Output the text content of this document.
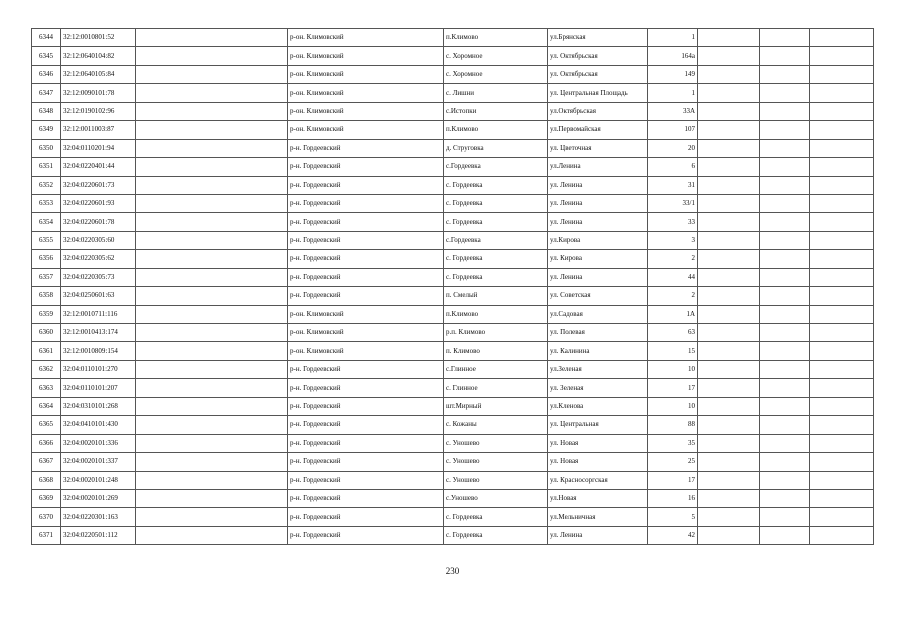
6344	32:12:0010801:52		р-он. Климовский	п.Климово	ул.Брянская	1			
6345	32:12:0640104:82		р-он. Климовский	с. Хоромное	ул. Октябрьская	164а			
6346	32:12:0640105:84		р-он. Климовский	с. Хоромное	ул. Октябрьская	149			
6347	32:12:0090101:78		р-он. Климовский	с. Лишни	ул. Центральная Площадь	1			
6348	32:12:0190102:96		р-он. Климовский	с.Истопки	ул.Октябрьская	33А			
6349	32:12:0011003:87		р-он. Климовский	п.Климово	ул.Первомайская	107			
6350	32:04:0110201:94		р-н. Гордеевский	д. Струговка	ул. Цветочная	20			
6351	32:04:0220401:44		р-н. Гордеевский	с.Гордеевка	ул.Ленина	6			
6352	32:04:0220601:73		р-н. Гордеевский	с. Гордеевка	ул. Ленина	31			
6353	32:04:0220601:93		р-н. Гордеевский	с. Гордеевка	ул. Ленина	33/1			
6354	32:04:0220601:78		р-н. Гордеевский	с. Гордеевка	ул. Ленина	33			
6355	32:04:0220305:60		р-н. Гордеевский	с.Гордеевка	ул.Кирова	3			
6356	32:04:0220305:62		р-н. Гордеевский	с. Гордеевка	ул. Кирова	2			
6357	32:04:0220305:73		р-н. Гордеевский	с. Гордеевка	ул. Ленина	44			
6358	32:04:0250601:63		р-н. Гордеевский	п. Смелый	ул. Советская	2			
6359	32:12:0010711:116		р-он. Климовский	п.Климово	ул.Садовая	1А			
6360	32:12:0010413:174		р-он. Климовский	р.п. Климово	ул. Полевая	63			
6361	32:12:0010809:154		р-он. Климовский	п. Климово	ул. Калинина	15			
6362	32:04:0110101:270		р-н. Гордеевский	с.Глинное	ул.Зеленая	10			
6363	32:04:0110101:207		р-н. Гордеевский	с. Глинное	ул. Зеленая	17			
6364	32:04:0310101:268		р-н. Гордеевский	шт.Мирный	ул.Кленова	10			
6365	32:04:0410101:430		р-н. Гордеевский	с. Кожаны	ул. Центральная	88			
6366	32:04:0020101:336		р-н. Гордеевский	с. Уношево	ул. Новая	35			
6367	32:04:0020101:337		р-н. Гордеевский	с. Уношево	ул. Новая	25			
6368	32:04:0020101:248		р-н. Гордеевский	с. Уношево	ул. Красносоргская	17			
6369	32:04:0020101:269		р-н. Гордеевский	с.Уношево	ул.Новая	16			
6370	32:04:0220301:163		р-н. Гордеевский	с. Гордеевка	ул.Мельничная	5			
6371	32:04:0220501:112		р-н. Гордеевский	с. Гордеевка	ул. Ленина	42			
230
